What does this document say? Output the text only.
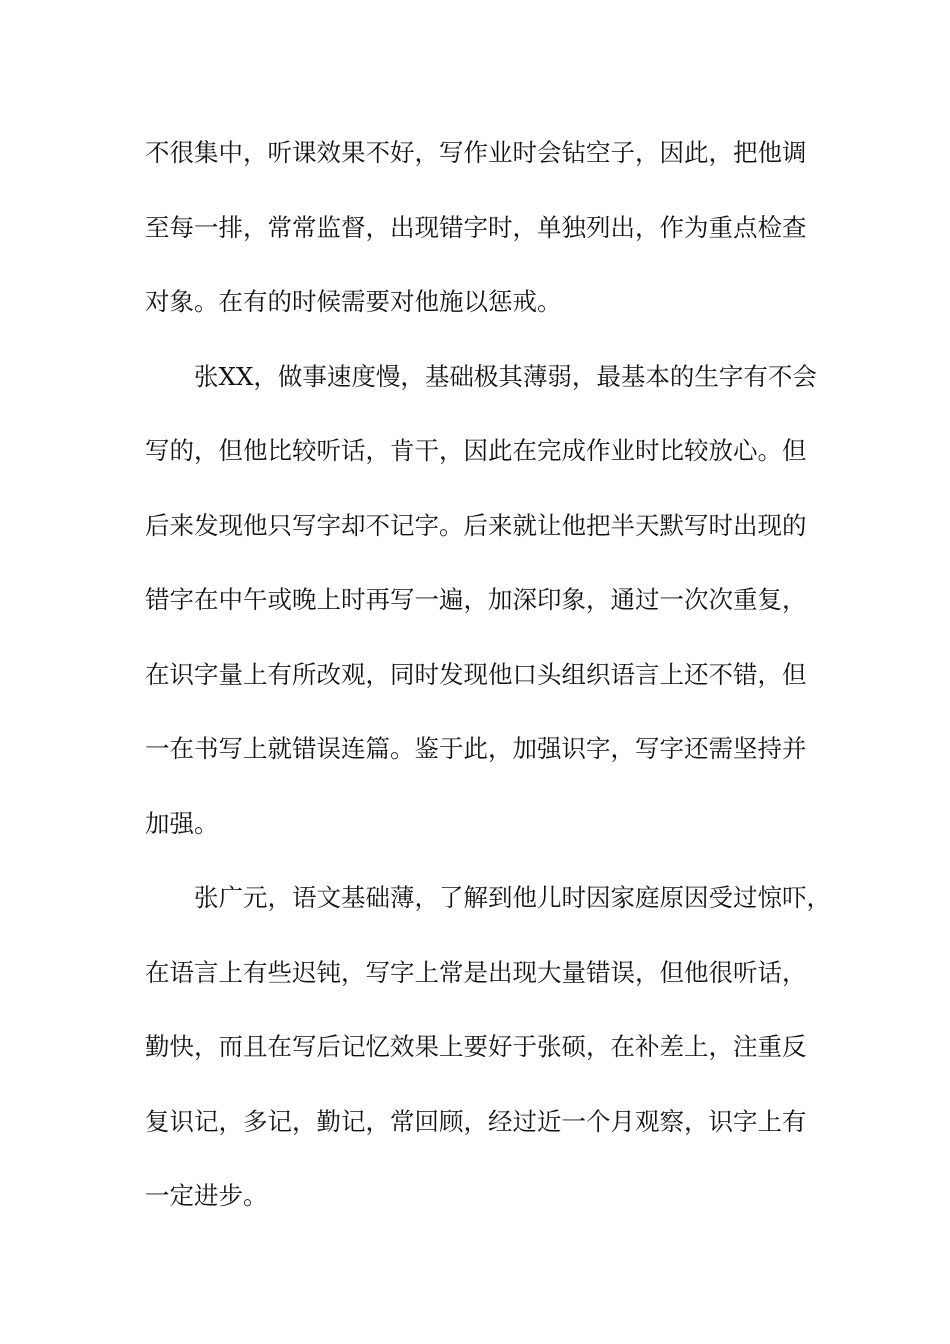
不很集中，听课效果不好，写作业时会钻空子，因此，把他调
至每一排，常常监督，出现错字时，单独列出，作为重点检查
对象。在有的时候需要对他施以惩戒。
张XX，做事速度慢，基础极其薄弱，最基本的生字有不会
写的，但他比较听话，肯干，因此在完成作业时比较放心。但
后来发现他只写字却不记字。后来就让他把半天默写时出现的
错字在中午或晚上时再写一遍，加深印象，通过一次次重复，
在识字量上有所改观，同时发现他口头组织语言上还不错，但
一在书写上就错误连篇。鉴于此，加强识字，写字还需坚持并
加强。
张广元，语文基础薄，了解到他儿时因家庭原因受过惊吓，
在语言上有些迟钝，写字上常是出现大量错误，但他很听话，
勤快，而且在写后记忆效果上要好于张硕，在补差上，注重反
复识记，多记，勤记，常回顾，经过近一个月观察，识字上有
一定进步。
